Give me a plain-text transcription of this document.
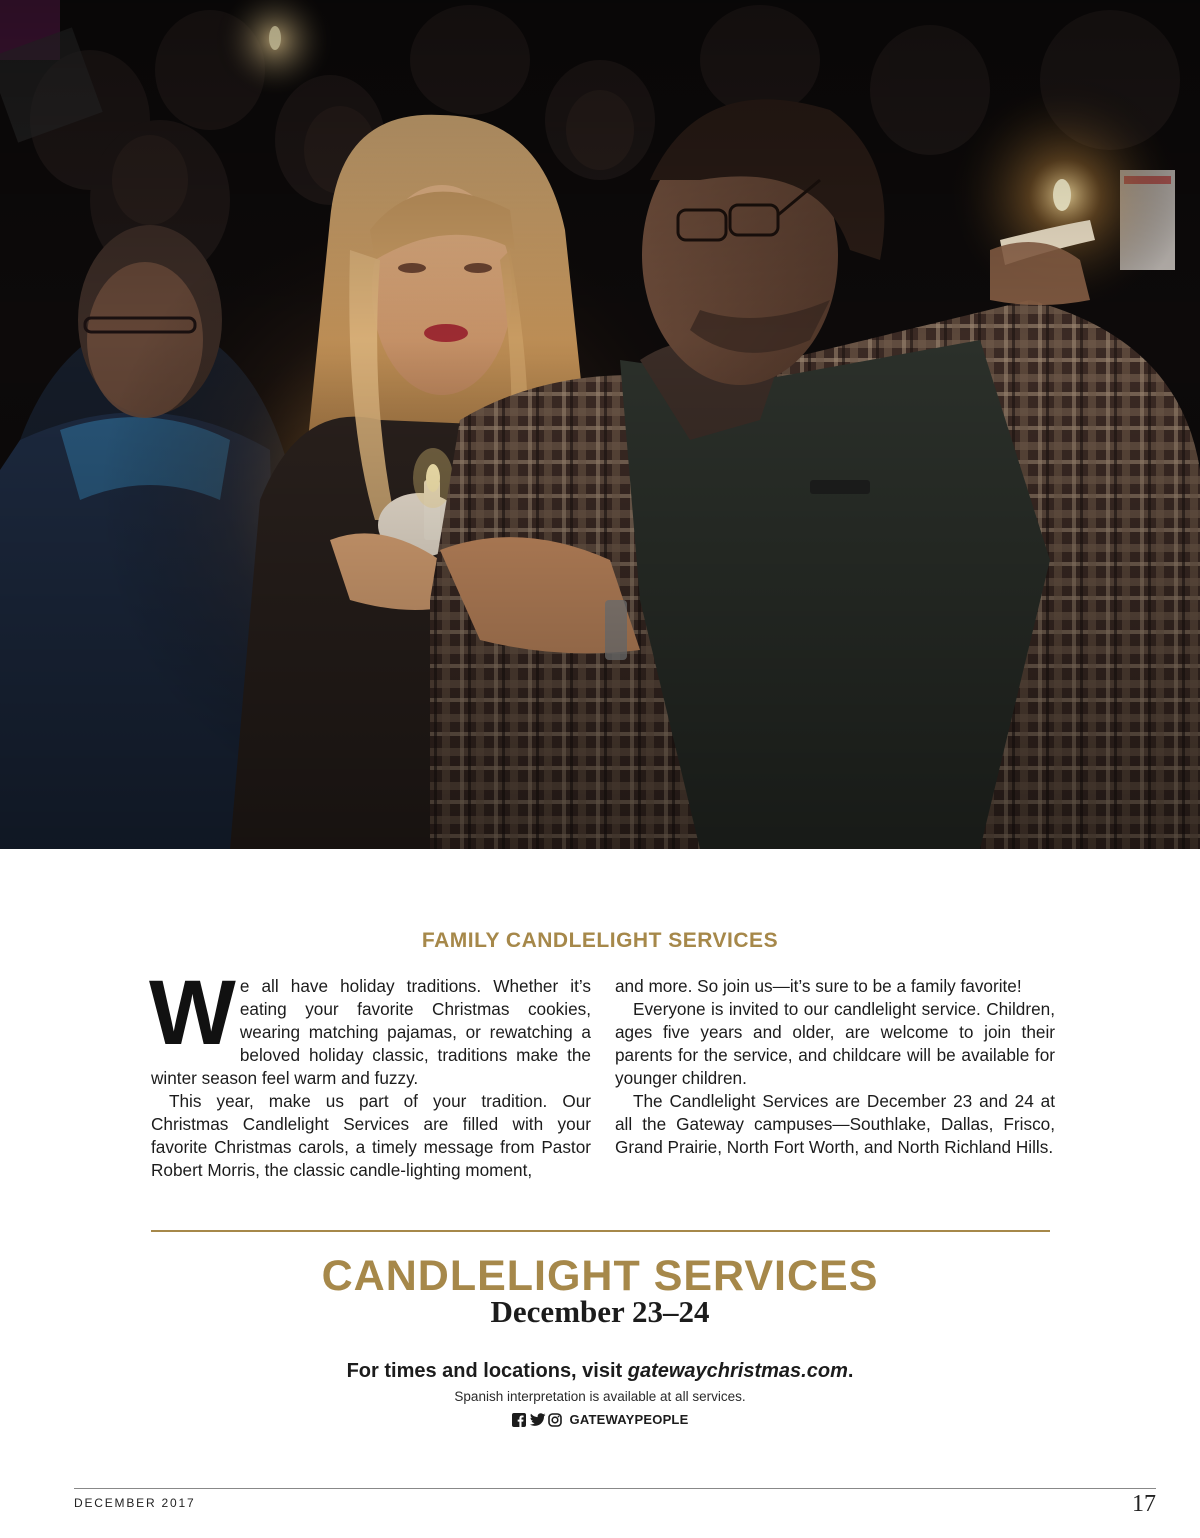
FAMILY CANDLELIGHT SERVICES

We all have holiday traditions. Whether it’s eating your favorite Christmas cookies, wearing matching pajamas, or rewatching a beloved holiday classic, traditions make the winter season feel warm and fuzzy.

This year, make us part of your tradition. Our Christmas Candlelight Services are filled with your favorite Christmas carols, a timely message from Pastor Robert Morris, the classic candle-lighting moment,

and more. So join us—it’s sure to be a family favorite!

Everyone is invited to our candlelight service. Children, ages five years and older, are welcome to join their parents for the service, and childcare will be available for younger children.

The Candlelight Services are December 23 and 24 at all the Gateway campuses—Southlake, Dallas, Frisco, Grand Prairie, North Fort Worth, and North Richland Hills.

CANDLELIGHT SERVICES
December 23–24
For times and locations, visit gatewaychristmas.com.
Spanish interpretation is available at all services.
GATEWAYPEOPLE
DECEMBER 2017	17
